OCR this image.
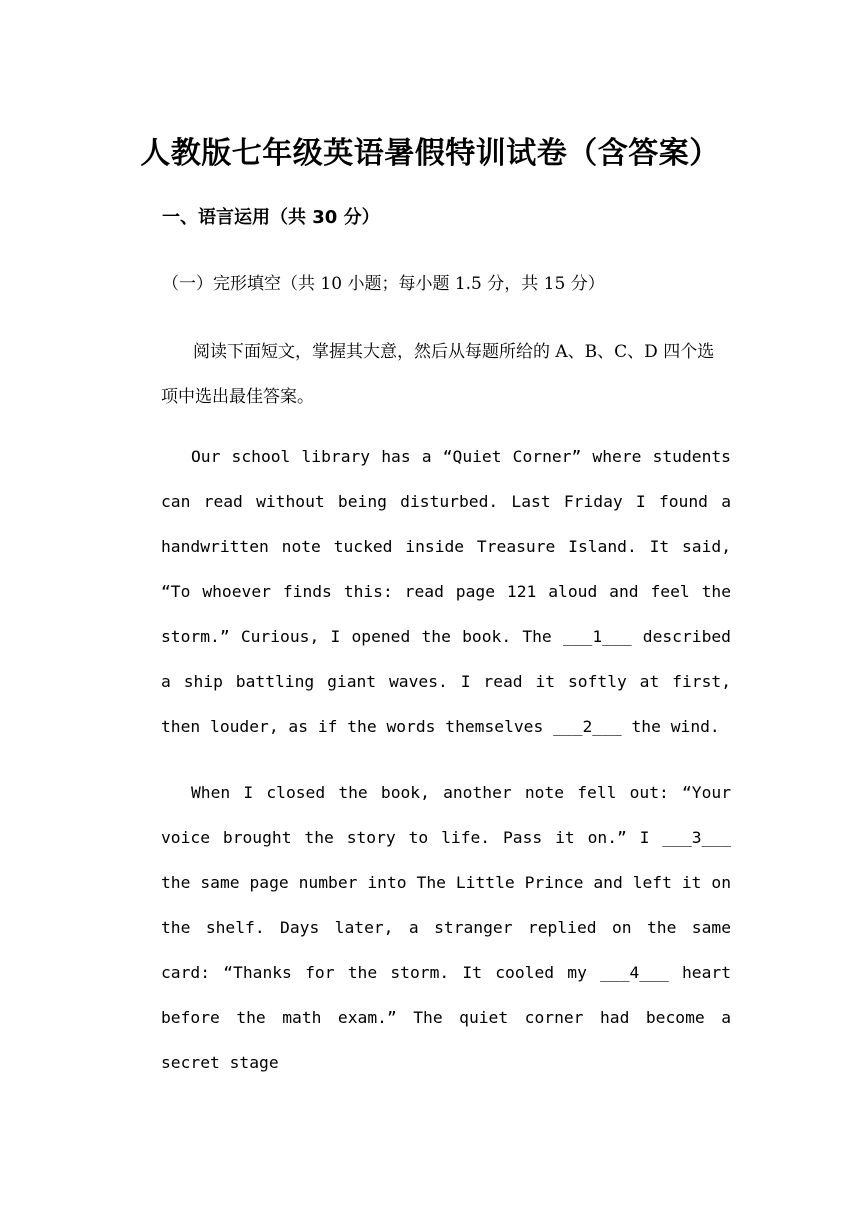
人教版七年级英语暑假特训试卷（含答案）
一、语言运用（共 30 分）

（一）完形填空（共 10 小题；每小题 1.5 分，共 15 分）

阅读下面短文，掌握其大意，然后从每题所给的 A、B、C、D 四个选项中选出最佳答案。

Our school library has a “Quiet Corner” where students can read without being disturbed. Last Friday I found a handwritten note tucked inside Treasure Island. It said, “To whoever finds this: read page 121 aloud and feel the storm.” Curious, I opened the book. The ___1___ described a ship battling giant waves. I read it softly at first, then louder, as if the words themselves ___2___ the wind.

When I closed the book, another note fell out: “Your voice brought the story to life. Pass it on.” I ___3___ the same page number into The Little Prince and left it on the shelf. Days later, a stranger replied on the same card: “Thanks for the storm. It cooled my ___4___ heart before the math exam.” The quiet corner had become a secret stage
